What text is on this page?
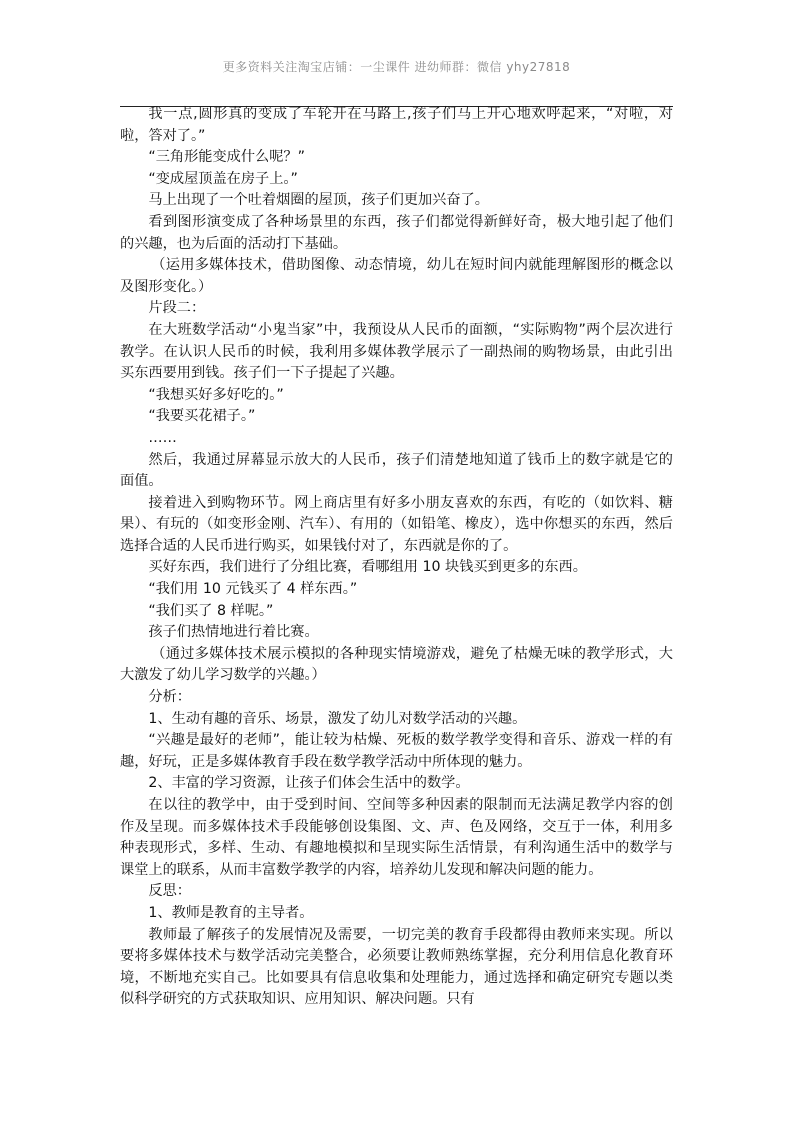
更多资料关注淘宝店铺：一尘课件 进幼师群：微信 yhy27818

我一点,圆形真的变成了车轮开在马路上,孩子们马上开心地欢呼起来，“对啦，对啦，答对了。”

“三角形能变成什么呢？”

“变成屋顶盖在房子上。”

马上出现了一个吐着烟圈的屋顶，孩子们更加兴奋了。

看到图形演变成了各种场景里的东西，孩子们都觉得新鲜好奇，极大地引起了他们的兴趣，也为后面的活动打下基础。

（运用多媒体技术，借助图像、动态情境，幼儿在短时间内就能理解图形的概念以及图形变化。）

片段二：

在大班数学活动“小鬼当家”中，我预设从人民币的面额，“实际购物”两个层次进行教学。在认识人民币的时候，我利用多媒体教学展示了一副热闹的购物场景，由此引出买东西要用到钱。孩子们一下子提起了兴趣。

“我想买好多好吃的。”

“我要买花裙子。”

……

然后，我通过屏幕显示放大的人民币，孩子们清楚地知道了钱币上的数字就是它的面值。

接着进入到购物环节。网上商店里有好多小朋友喜欢的东西，有吃的（如饮料、糖果）、有玩的（如变形金刚、汽车）、有用的（如铅笔、橡皮），选中你想买的东西，然后选择合适的人民币进行购买，如果钱付对了，东西就是你的了。

买好东西，我们进行了分组比赛，看哪组用 10 块钱买到更多的东西。

“我们用 10 元钱买了 4 样东西。”

“我们买了 8 样呢。”

孩子们热情地进行着比赛。

（通过多媒体技术展示模拟的各种现实情境游戏，避免了枯燥无味的教学形式，大大激发了幼儿学习数学的兴趣。）

分析：

1、生动有趣的音乐、场景，激发了幼儿对数学活动的兴趣。

“兴趣是最好的老师”，能让较为枯燥、死板的数学教学变得和音乐、游戏一样的有趣，好玩，正是多媒体教育手段在数学教学活动中所体现的魅力。

2、丰富的学习资源，让孩子们体会生活中的数学。

在以往的教学中，由于受到时间、空间等多种因素的限制而无法满足教学内容的创作及呈现。而多媒体技术手段能够创设集图、文、声、色及网络，交互于一体，利用多种表现形式，多样、生动、有趣地模拟和呈现实际生活情景，有利沟通生活中的数学与课堂上的联系，从而丰富数学教学的内容，培养幼儿发现和解决问题的能力。

反思：

1、教师是教育的主导者。

教师最了解孩子的发展情况及需要，一切完美的教育手段都得由教师来实现。所以要将多媒体技术与数学活动完美整合，必须要让教师熟练掌握，充分利用信息化教育环境，不断地充实自己。比如要具有信息收集和处理能力，通过选择和确定研究专题以类似科学研究的方式获取知识、应用知识、解决问题。只有
